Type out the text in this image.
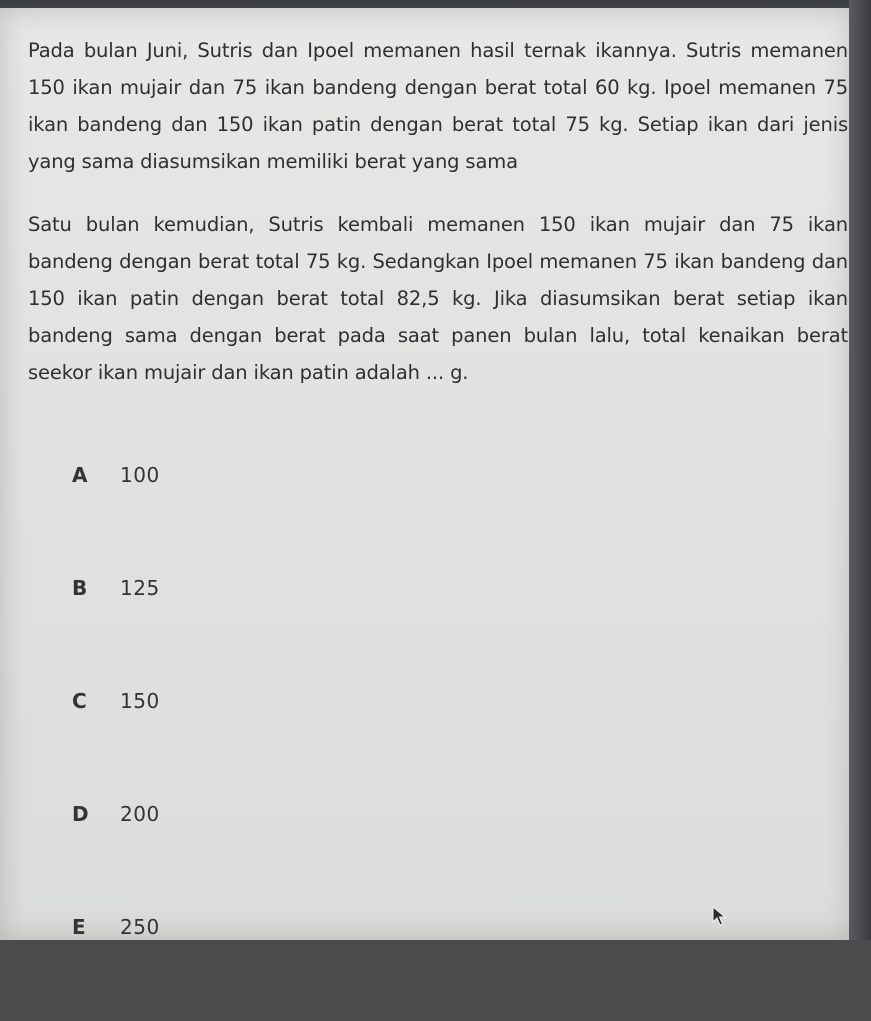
Pada bulan Juni, Sutris dan Ipoel memanen hasil ternak ikannya. Sutris memanen 150 ikan mujair dan 75 ikan bandeng dengan berat total 60 kg. Ipoel memanen 75 ikan bandeng dan 150 ikan patin dengan berat total 75 kg. Setiap ikan dari jenis yang sama diasumsikan memiliki berat yang sama

Satu bulan kemudian, Sutris kembali memanen 150 ikan mujair dan 75 ikan bandeng dengan berat total 75 kg. Sedangkan Ipoel memanen 75 ikan bandeng dan 150 ikan patin dengan berat total 82,5 kg. Jika diasumsikan berat setiap ikan bandeng sama dengan berat pada saat panen bulan lalu, total kenaikan berat seekor ikan mujair dan ikan patin adalah ... g.

A	100
B	125
C	150
D	200
E	250
